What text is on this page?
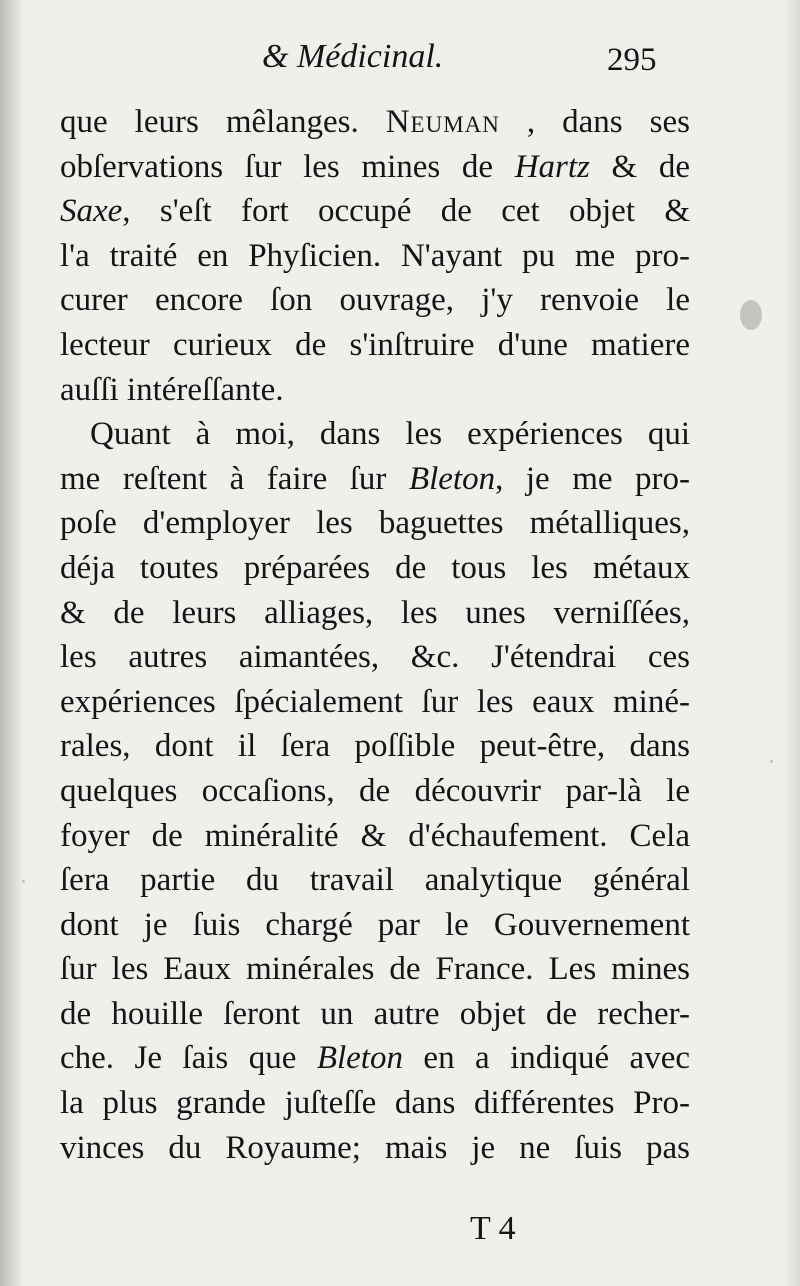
& Médicinal.	295
que leurs mêlanges. Neuman , dans ses
obſervations ſur les mines de Hartz & de
Saxe, s'eſt fort occupé de cet objet &
l'a traité en Phyſicien. N'ayant pu me pro-
curer encore ſon ouvrage, j'y renvoie le
lecteur curieux de s'inſtruire d'une matiere
auſſi intéreſſante.
Quant à moi, dans les expériences qui
me reſtent à faire ſur Bleton, je me pro-
poſe d'employer les baguettes métalliques,
déja toutes préparées de tous les métaux
& de leurs alliages, les unes verniſſées,
les autres aimantées, &c. J'étendrai ces
expériences ſpécialement ſur les eaux miné-
rales, dont il ſera poſſible peut-être, dans
quelques occaſions, de découvrir par-là le
foyer de minéralité & d'échaufement. Cela
ſera partie du travail analytique général
dont je ſuis chargé par le Gouvernement
ſur les Eaux minérales de France. Les mines
de houille ſeront un autre objet de recher-
che. Je ſais que Bleton en a indiqué avec
la plus grande juſteſſe dans différentes Pro-
vinces du Royaume; mais je ne ſuis pas
T 4
